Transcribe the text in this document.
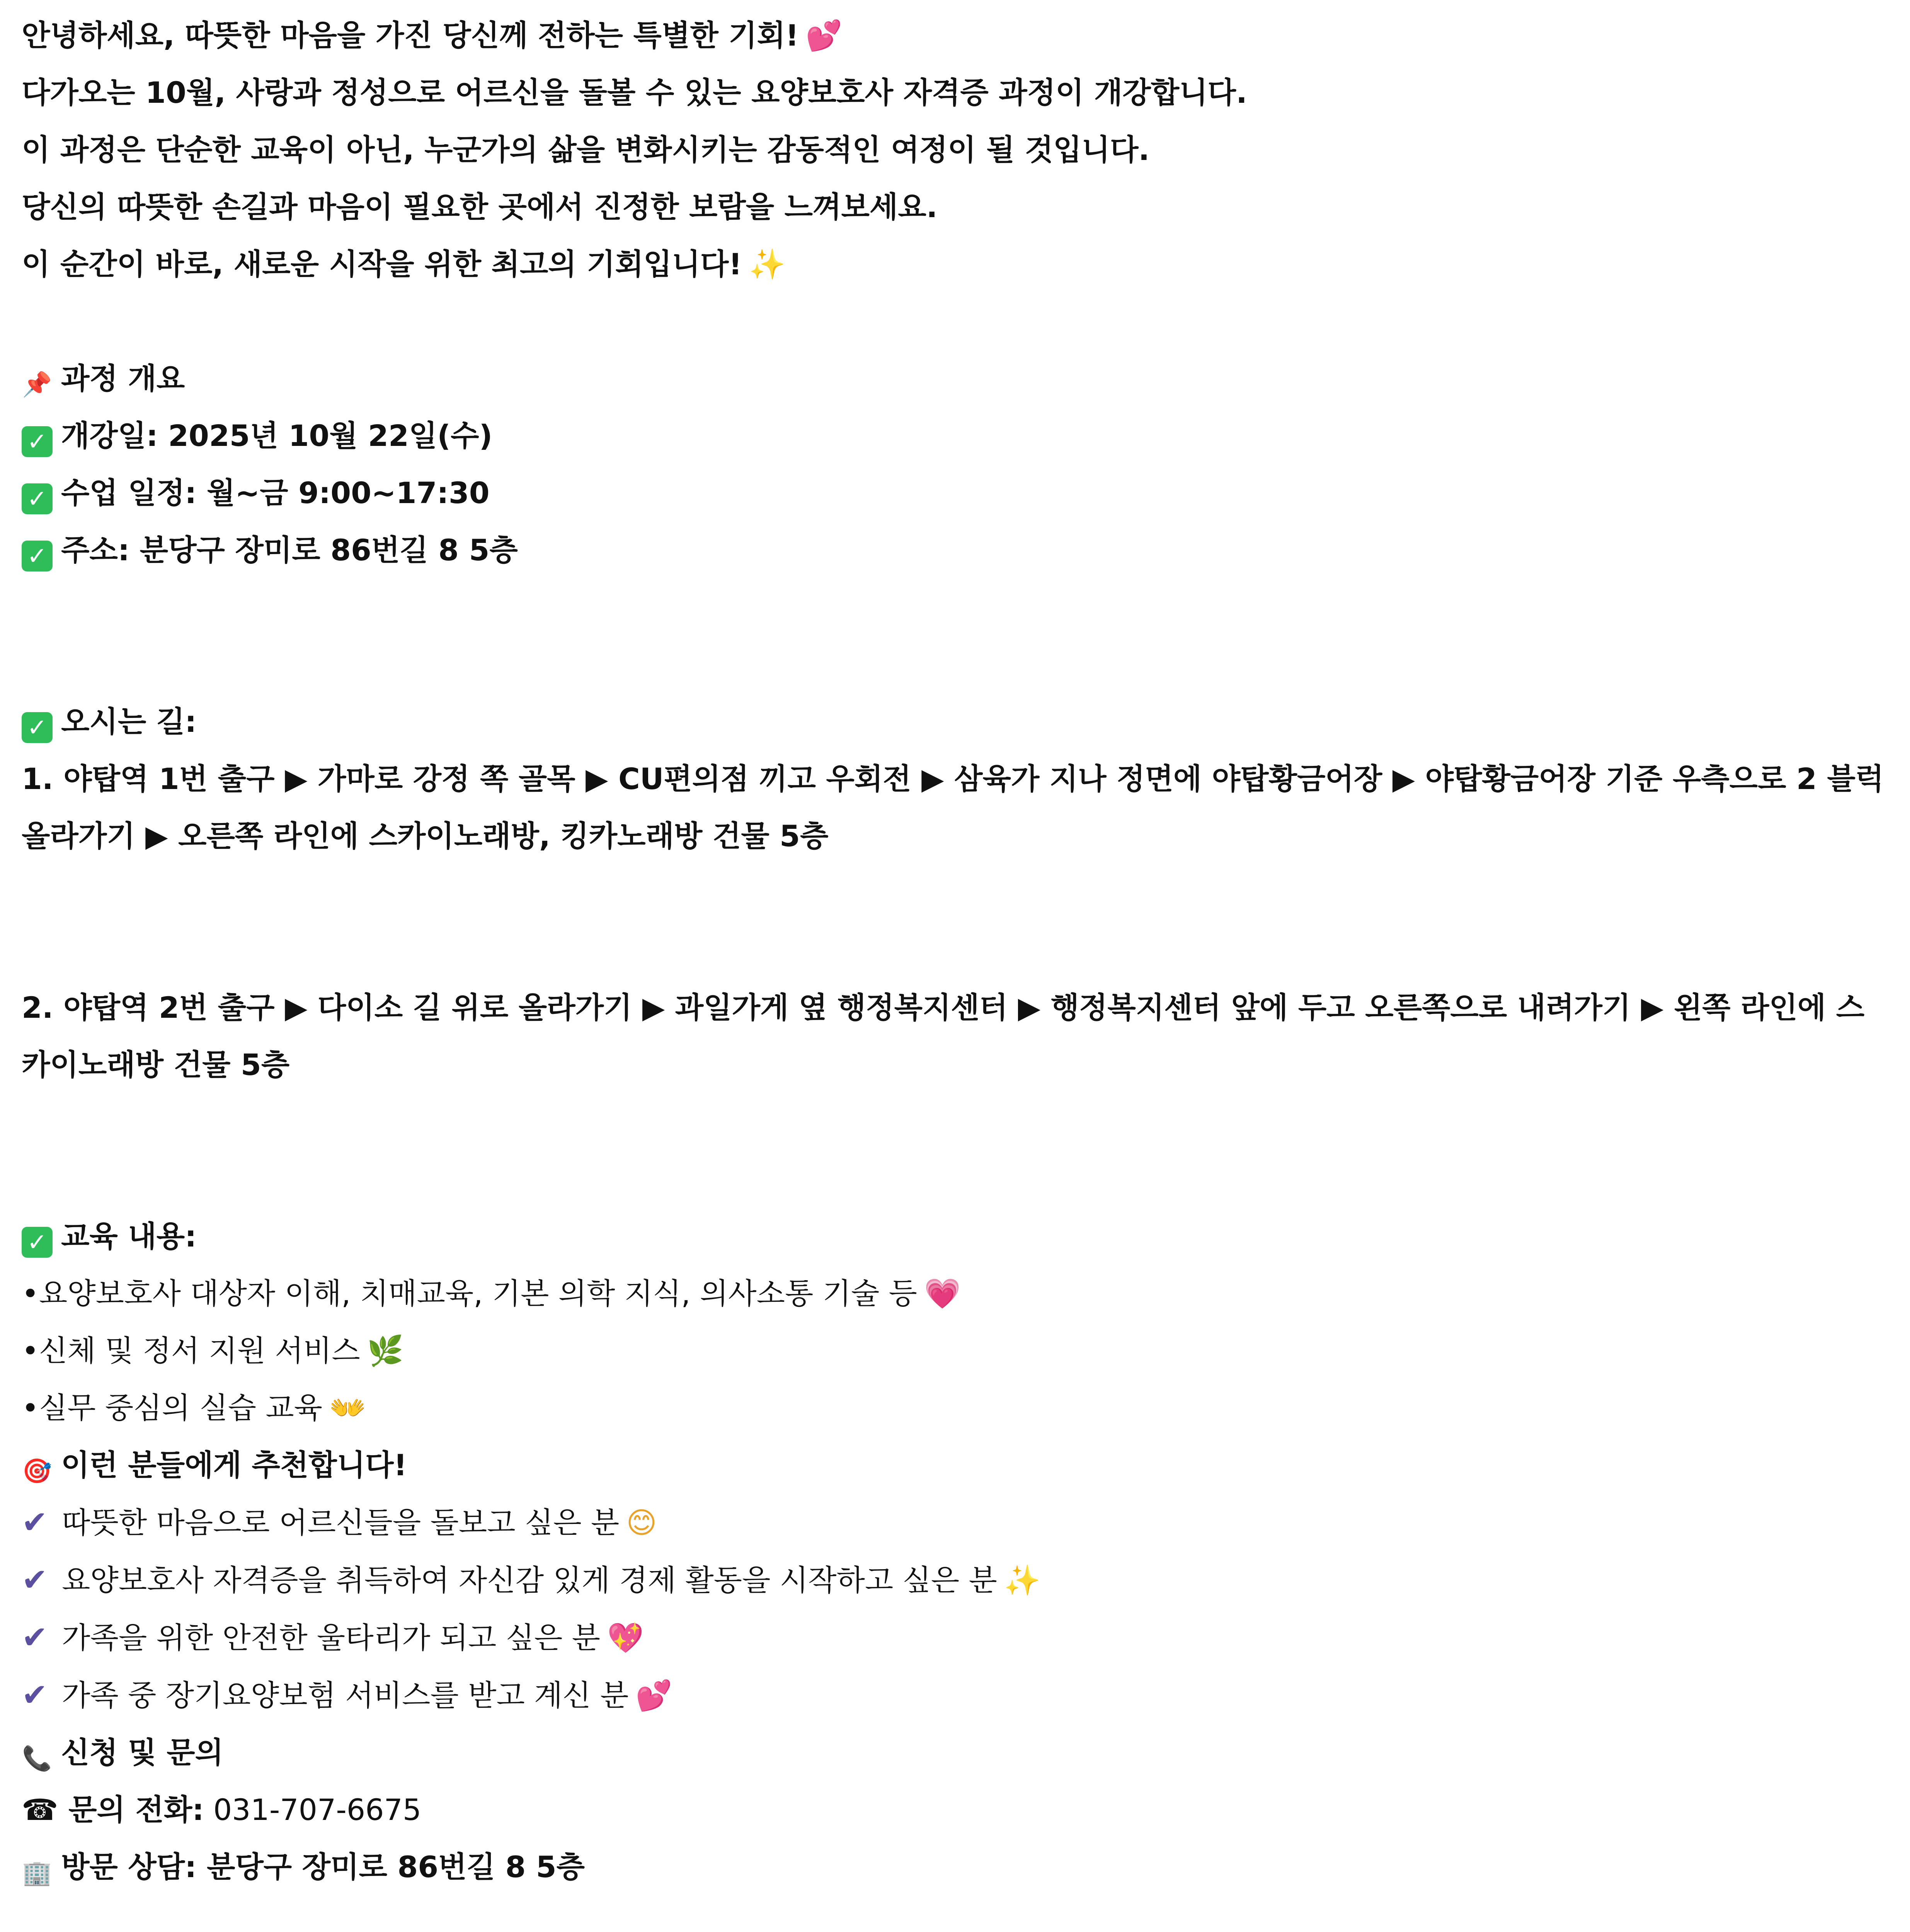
안녕하세요, 따뜻한 마음을 가진 당신께 전하는 특별한 기회! 💕
다가오는 10월, 사랑과 정성으로 어르신을 돌볼 수 있는 요양보호사 자격증 과정이 개강합니다.
이 과정은 단순한 교육이 아닌, 누군가의 삶을 변화시키는 감동적인 여정이 될 것입니다.
당신의 따뜻한 손길과 마음이 필요한 곳에서 진정한 보람을 느껴보세요.
이 순간이 바로, 새로운 시작을 위한 최고의 기회입니다! ✨
📌 과정 개요
✓ 개강일: 2025년 10월 22일(수)
✓ 수업 일정: 월~금 9:00~17:30
✓ 주소: 분당구 장미로 86번길 8 5층
✓ 오시는 길:
1. 야탑역 1번 출구 ▶ 가마로 강정 쪽 골목 ▶ CU편의점 끼고 우회전 ▶ 삼육가 지나 정면에 야탑황금어장 ▶ 야탑황금어장 기준 우측으로 2 블럭 올라가기 ▶ 오른쪽 라인에 스카이노래방, 킹카노래방 건물 5층
2. 야탑역 2번 출구 ▶ 다이소 길 위로 올라가기 ▶ 과일가게 옆 행정복지센터 ▶ 행정복지센터 앞에 두고 오른쪽으로 내려가기 ▶ 왼쪽 라인에 스카이노래방 건물 5층
✓ 교육 내용:
•요양보호사 대상자 이해, 치매교육, 기본 의학 지식, 의사소통 기술 등 💗
•신체 및 정서 지원 서비스 🌿
•실무 중심의 실습 교육 👐
🎯 이런 분들에게 추천합니다!
✔ 따뜻한 마음으로 어르신들을 돌보고 싶은 분 😊
✔ 요양보호사 자격증을 취득하여 자신감 있게 경제 활동을 시작하고 싶은 분 ✨
✔ 가족을 위한 안전한 울타리가 되고 싶은 분 💖
✔ 가족 중 장기요양보험 서비스를 받고 계신 분 💕
📞 신청 및 문의
☎ 문의 전화: 031-707-6675
🏢 방문 상담: 분당구 장미로 86번길 8 5층
